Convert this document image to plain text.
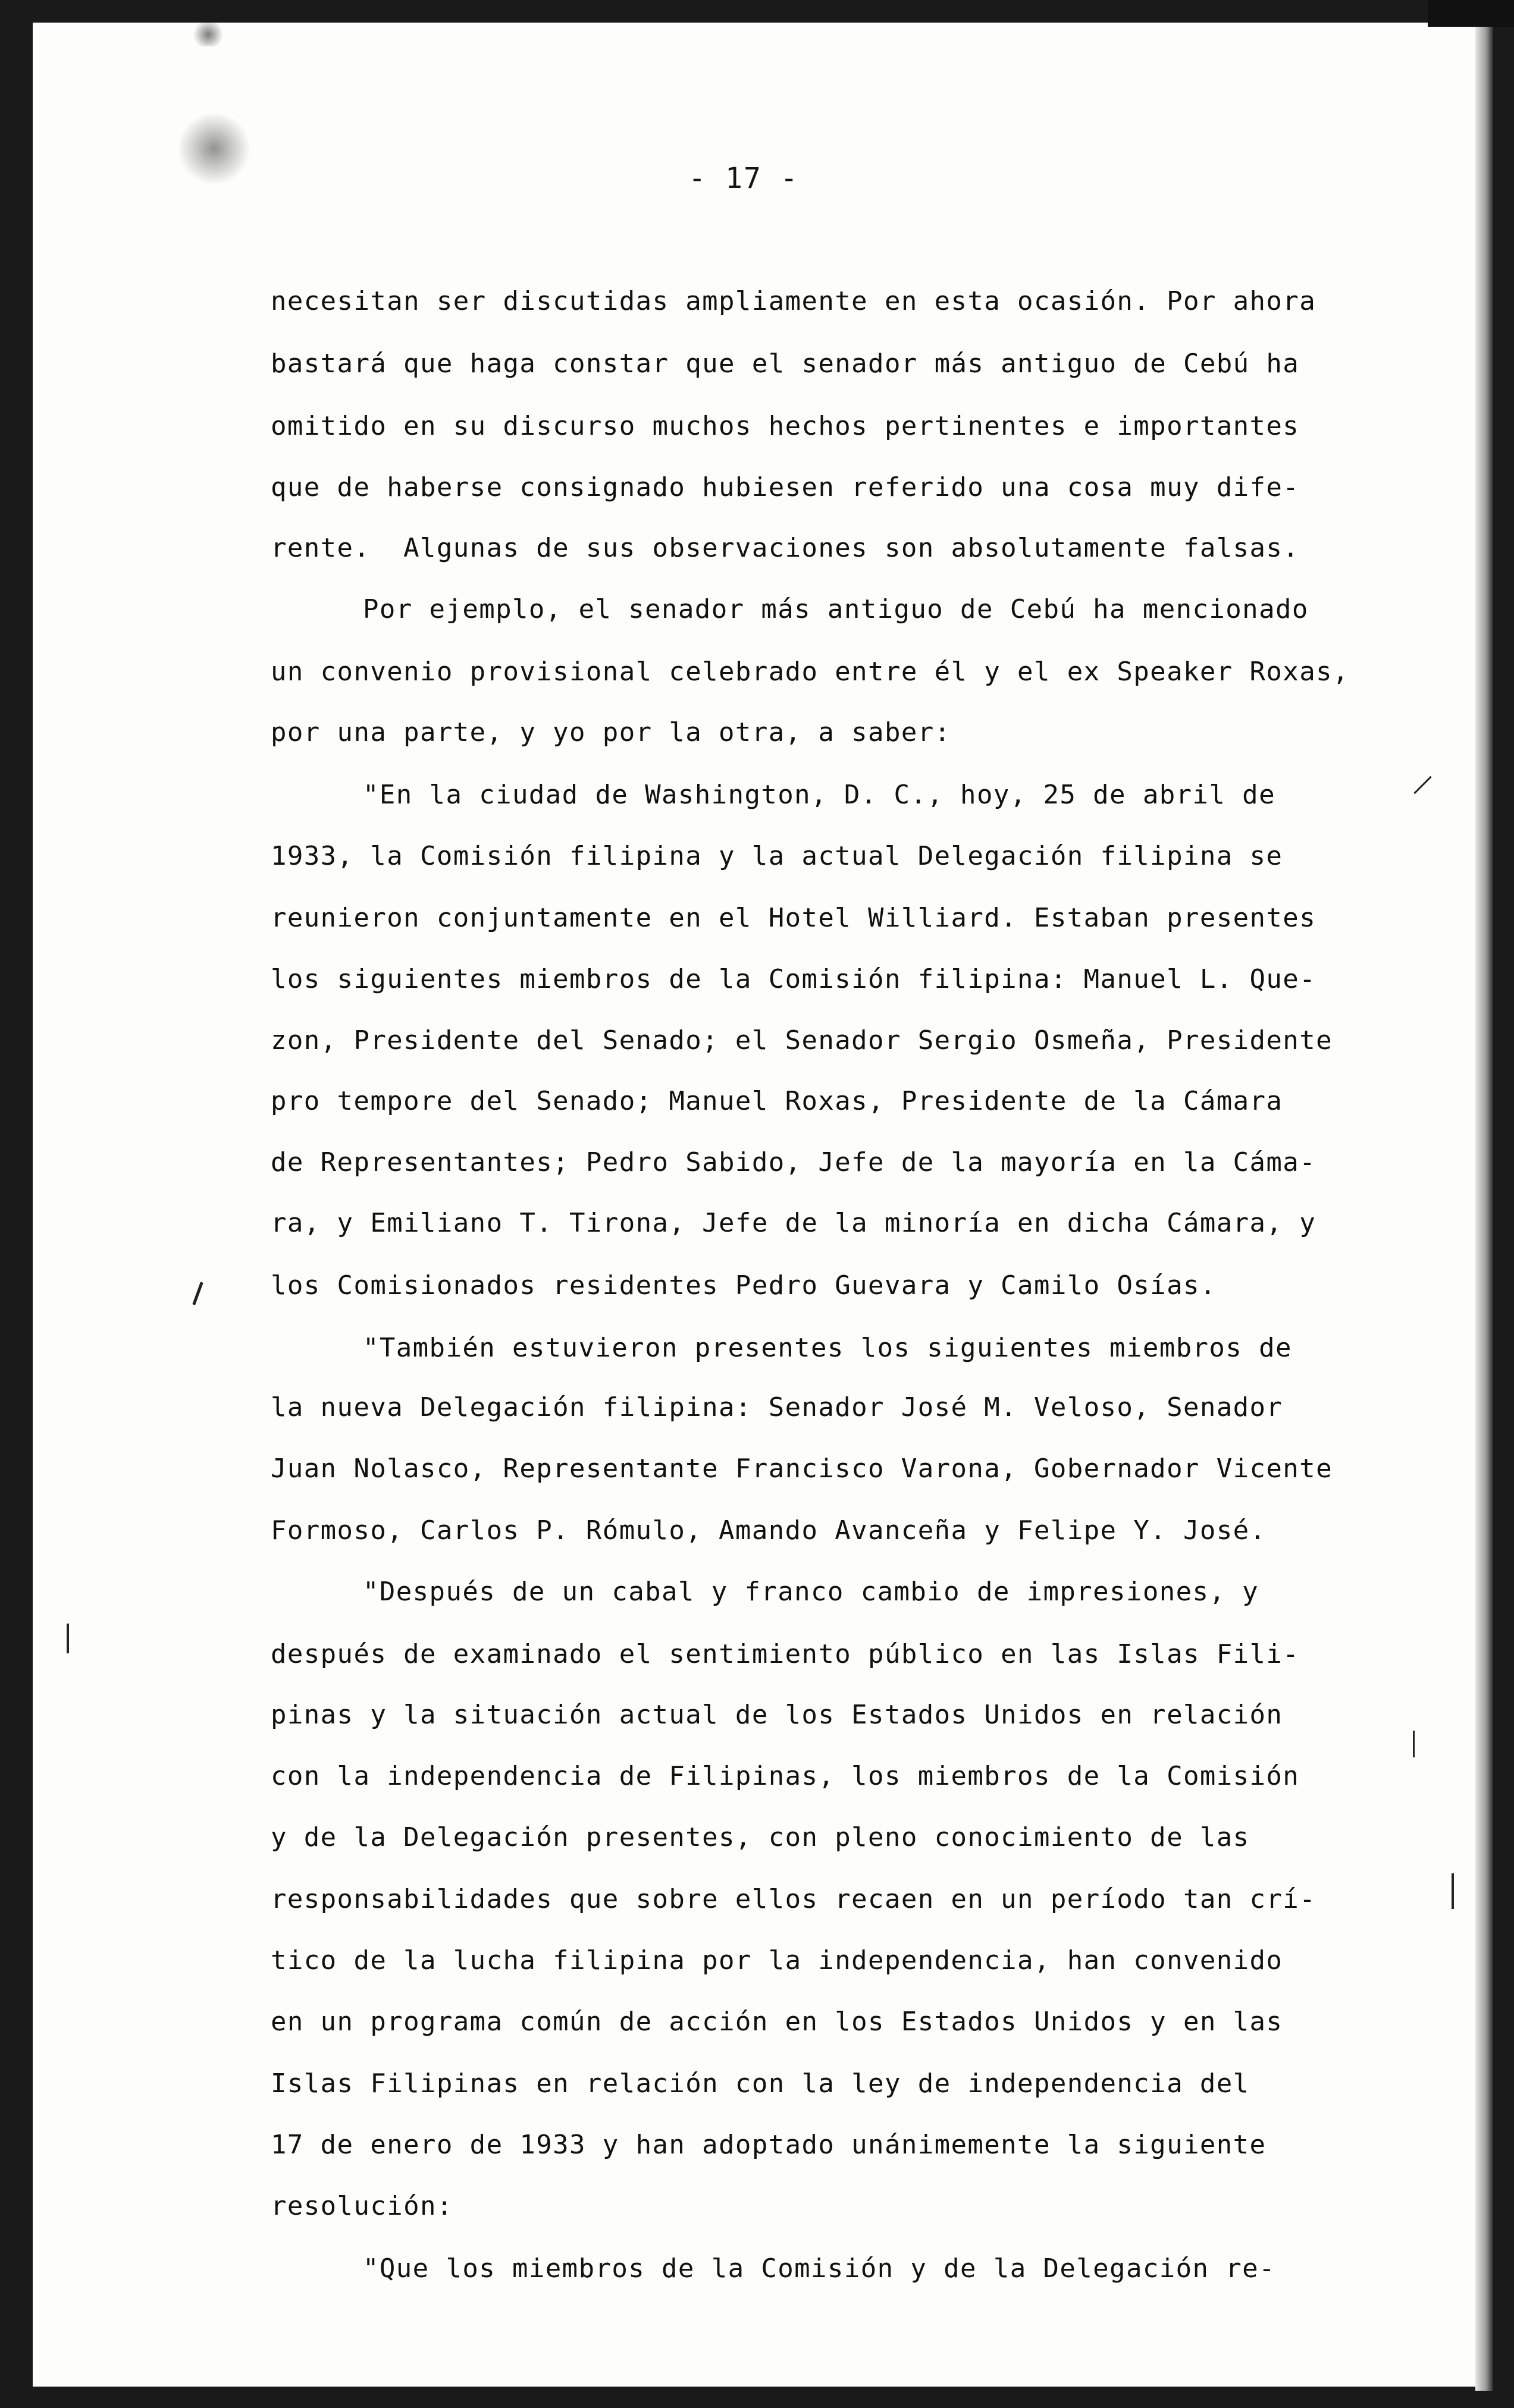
- 17 -
necesitan ser discutidas ampliamente en esta ocasión. Por ahora
bastará que haga constar que el senador más antiguo de Cebú ha
omitido en su discurso muchos hechos pertinentes e importantes
que de haberse consignado hubiesen referido una cosa muy dife-
rente.  Algunas de sus observaciones son absolutamente falsas.
Por ejemplo, el senador más antiguo de Cebú ha mencionado
un convenio provisional celebrado entre él y el ex Speaker Roxas,
por una parte, y yo por la otra, a saber:
"En la ciudad de Washington, D. C., hoy, 25 de abril de
1933, la Comisión filipina y la actual Delegación filipina se
reunieron conjuntamente en el Hotel Williard. Estaban presentes
los siguientes miembros de la Comisión filipina: Manuel L. Que-
zon, Presidente del Senado; el Senador Sergio Osmeña, Presidente
pro tempore del Senado; Manuel Roxas, Presidente de la Cámara
de Representantes; Pedro Sabido, Jefe de la mayoría en la Cáma-
ra, y Emiliano T. Tirona, Jefe de la minoría en dicha Cámara, y
los Comisionados residentes Pedro Guevara y Camilo Osías.
"También estuvieron presentes los siguientes miembros de
la nueva Delegación filipina: Senador José M. Veloso, Senador
Juan Nolasco, Representante Francisco Varona, Gobernador Vicente
Formoso, Carlos P. Rómulo, Amando Avanceña y Felipe Y. José.
"Después de un cabal y franco cambio de impresiones, y
después de examinado el sentimiento público en las Islas Fili-
pinas y la situación actual de los Estados Unidos en relación
con la independencia de Filipinas, los miembros de la Comisión
y de la Delegación presentes, con pleno conocimiento de las
responsabilidades que sobre ellos recaen en un período tan crí-
tico de la lucha filipina por la independencia, han convenido
en un programa común de acción en los Estados Unidos y en las
Islas Filipinas en relación con la ley de independencia del
17 de enero de 1933 y han adoptado unánimemente la siguiente
resolución:
"Que los miembros de la Comisión y de la Delegación re-
